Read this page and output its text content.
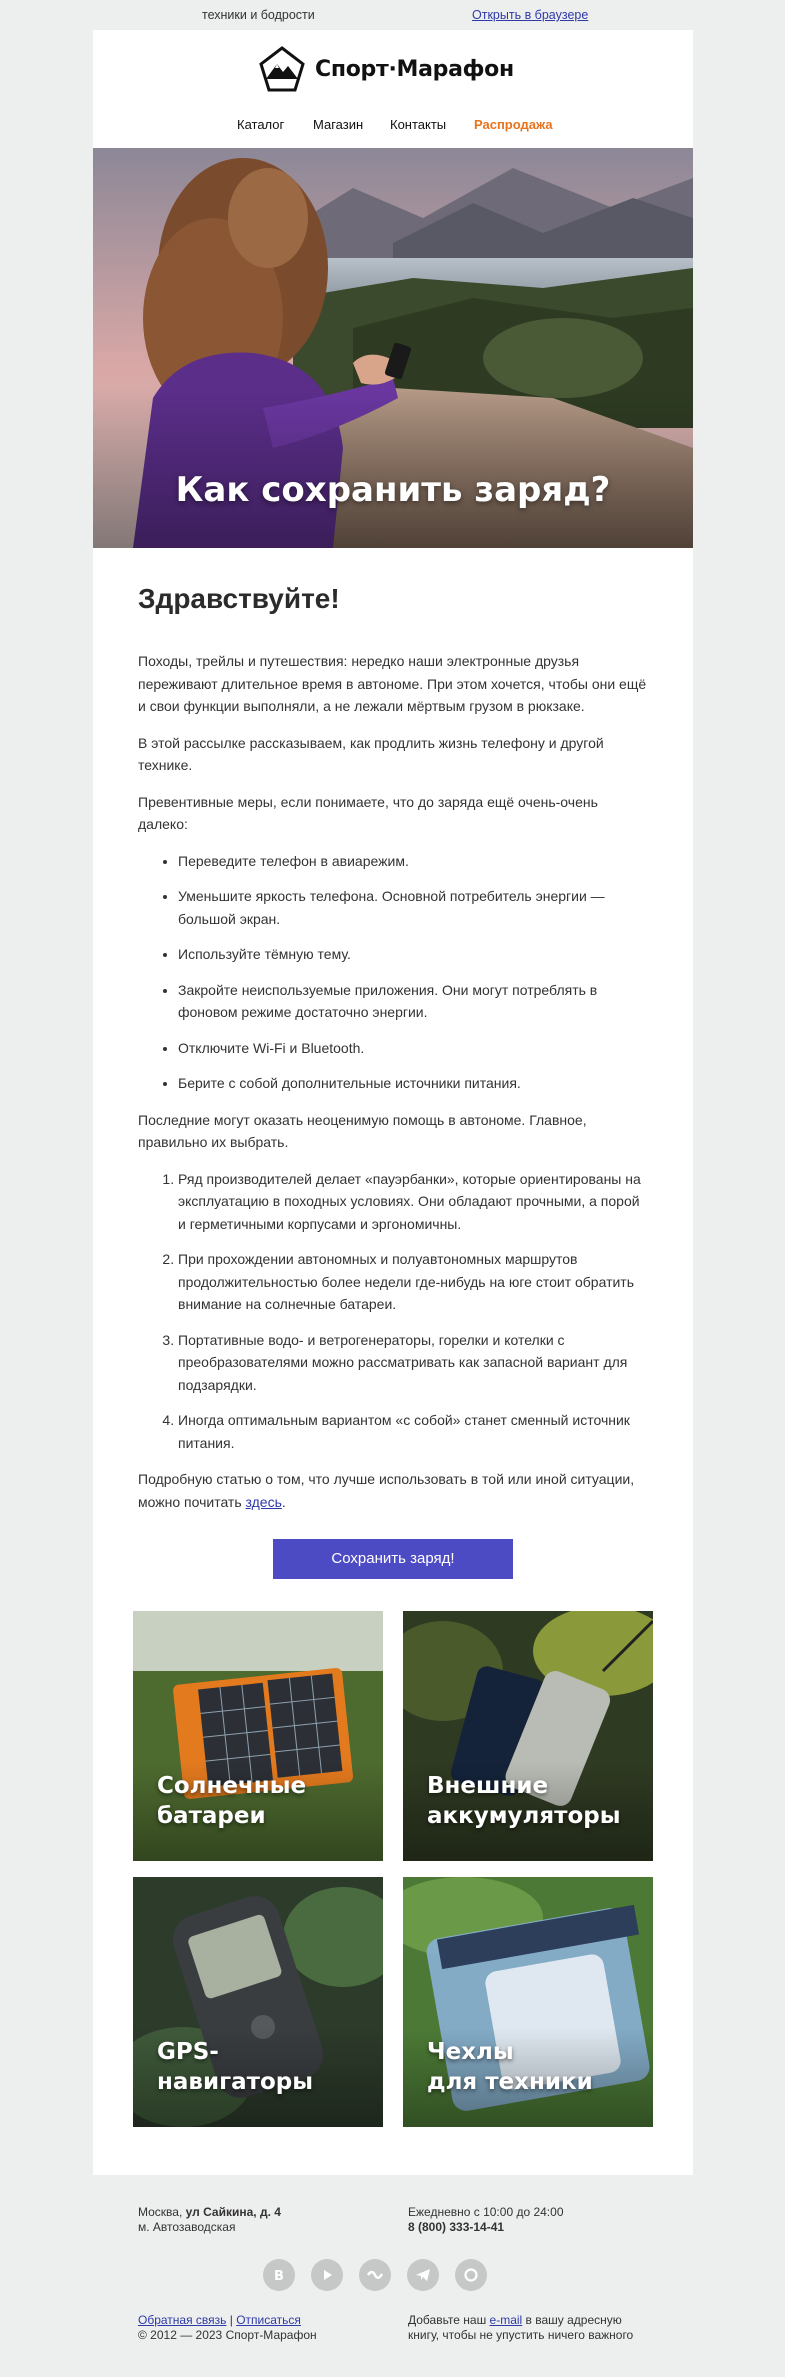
техники и бодрости	Открыть в браузере
Спорт·Марафон
Каталог Магазин Контакты Распродажа
Как сохранить заряд?
Здравствуйте!

Походы, трейлы и путешествия: нередко наши электронные друзья переживают длительное время в автономе. При этом хочется, чтобы они ещё и свои функции выполняли, а не лежали мёртвым грузом в рюкзаке.

В этой рассылке рассказываем, как продлить жизнь телефону и другой технике.

Превентивные меры, если понимаете, что до заряда ещё очень-очень далеко:

• Переведите телефон в авиарежим.
• Уменьшите яркость телефона. Основной потребитель энергии — большой экран.
• Используйте тёмную тему.
• Закройте неиспользуемые приложения. Они могут потреблять в фоновом режиме достаточно энергии.
• Отключите Wi-Fi и Bluetooth.
• Берите с собой дополнительные источники питания.

Последние могут оказать неоценимую помощь в автономе. Главное, правильно их выбрать.

1. Ряд производителей делает «пауэрбанки», которые ориентированы на эксплуатацию в походных условиях. Они обладают прочными, а порой и герметичными корпусами и эргономичны.
2. При прохождении автономных и полуавтономных маршрутов продолжительностью более недели где-нибудь на юге стоит обратить внимание на солнечные батареи.
3. Портативные водо- и ветрогенераторы, горелки и котелки с преобразователями можно рассматривать как запасной вариант для подзарядки.
4. Иногда оптимальным вариантом «с собой» станет сменный источник питания.

Подробную статью о том, что лучше использовать в той или иной ситуации, можно почитать здесь.

Сохранить заряд!
Солнечные
батареи
Внешние
аккумуляторы
GPS-
навигаторы
Чехлы
для техники
Москва, ул Сайкина, д. 4
м. Автозаводская
Ежедневно с 10:00 до 24:00
8 (800) 333-14-41
Обратная связь | Отписаться
© 2012 — 2023 Спорт-Марафон
Добавьте наш e-mail в вашу адресную книгу, чтобы не упустить ничего важного
B
